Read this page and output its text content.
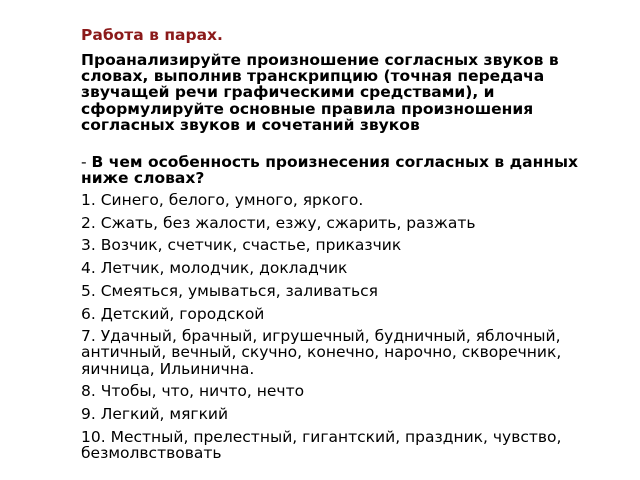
Работа в парах.

Проанализируйте произношение согласных звуков в словах, выполнив транскрипцию (точная передача звучащей речи графическими средствами), и сформулируйте основные правила произношения согласных звуков и сочетаний звуков

- В чем особенность произнесения согласных в данных ниже словах?

1. Синего, белого, умного, яркого.
2. Сжать, без жалости, езжу, сжарить, разжать
3. Возчик, счетчик, счастье, приказчик
4. Летчик, молодчик, докладчик
5. Смеяться, умываться, заливаться
6. Детский, городской
7. Удачный, брачный, игрушечный, будничный, яблочный, античный, вечный, скучно, конечно, нарочно, скворечник, яичница, Ильинична.
8. Чтобы, что, ничто, нечто
9. Легкий, мягкий
10. Местный, прелестный, гигантский, праздник, чувство, безмолвствовать
